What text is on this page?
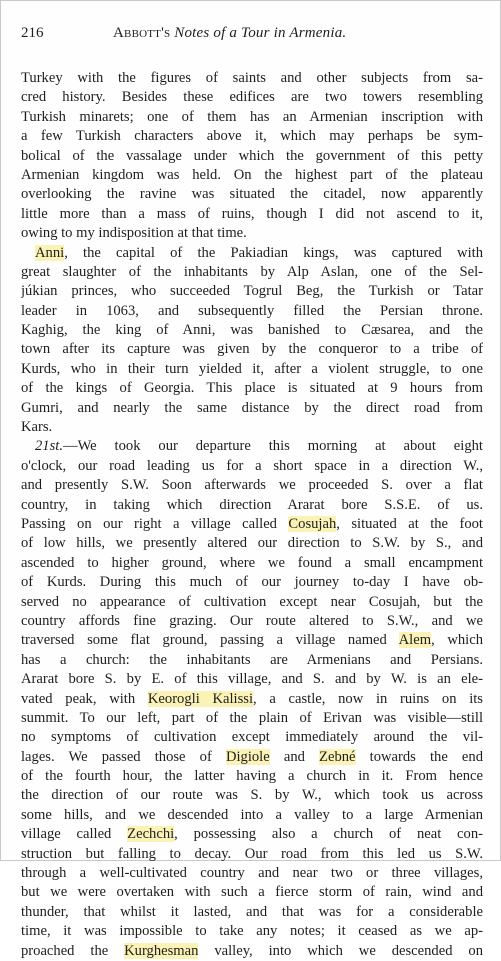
216	Abbott's Notes of a Tour in Armenia.
Turkey with the figures of saints and other subjects from sa-
cred history. Besides these edifices are two towers resembling
Turkish minarets; one of them has an Armenian inscription with
a few Turkish characters above it, which may perhaps be sym-
bolical of the vassalage under which the government of this petty
Armenian kingdom was held. On the highest part of the plateau
overlooking the ravine was situated the citadel, now apparently
little more than a mass of ruins, though I did not ascend to it,
owing to my indisposition at that time.
Anni, the capital of the Pakiadian kings, was captured with
great slaughter of the inhabitants by Alp Aslan, one of the Sel-
júkian princes, who succeeded Togrul Beg, the Turkish or Tatar
leader in 1063, and subsequently filled the Persian throne.
Kaghig, the king of Anni, was banished to Cæsarea, and the
town after its capture was given by the conqueror to a tribe of
Kurds, who in their turn yielded it, after a violent struggle, to one
of the kings of Georgia. This place is situated at 9 hours from
Gumri, and nearly the same distance by the direct road from
Kars.
21st.—We took our departure this morning at about eight
o'clock, our road leading us for a short space in a direction W.,
and presently S.W. Soon afterwards we proceeded S. over a flat
country, in taking which direction Ararat bore S.S.E. of us.
Passing on our right a village called Cosujah, situated at the foot
of low hills, we presently altered our direction to S.W. by S., and
ascended to higher ground, where we found a small encampment
of Kurds. During this much of our journey to-day I have ob-
served no appearance of cultivation except near Cosujah, but the
country affords fine grazing. Our route altered to S.W., and we
traversed some flat ground, passing a village named Alem, which
has a church: the inhabitants are Armenians and Persians.
Ararat bore S. by E. of this village, and S. and by W. is an ele-
vated peak, with Keorogli Kalissi, a castle, now in ruins on its
summit. To our left, part of the plain of Erivan was visible—still
no symptoms of cultivation except immediately around the vil-
lages. We passed those of Digiole and Zebné towards the end
of the fourth hour, the latter having a church in it. From hence
the direction of our route was S. by W., which took us across
some hills, and we descended into a valley to a large Armenian
village called Zechchi, possessing also a church of neat con-
struction but falling to decay. Our road from this led us S.W.
through a well-cultivated country and near two or three villages,
but we were overtaken with such a fierce storm of rain, wind and
thunder, that whilst it lasted, and that was for a considerable
time, it was impossible to take any notes; it ceased as we ap-
proached the Kurghesman valley, into which we descended on
